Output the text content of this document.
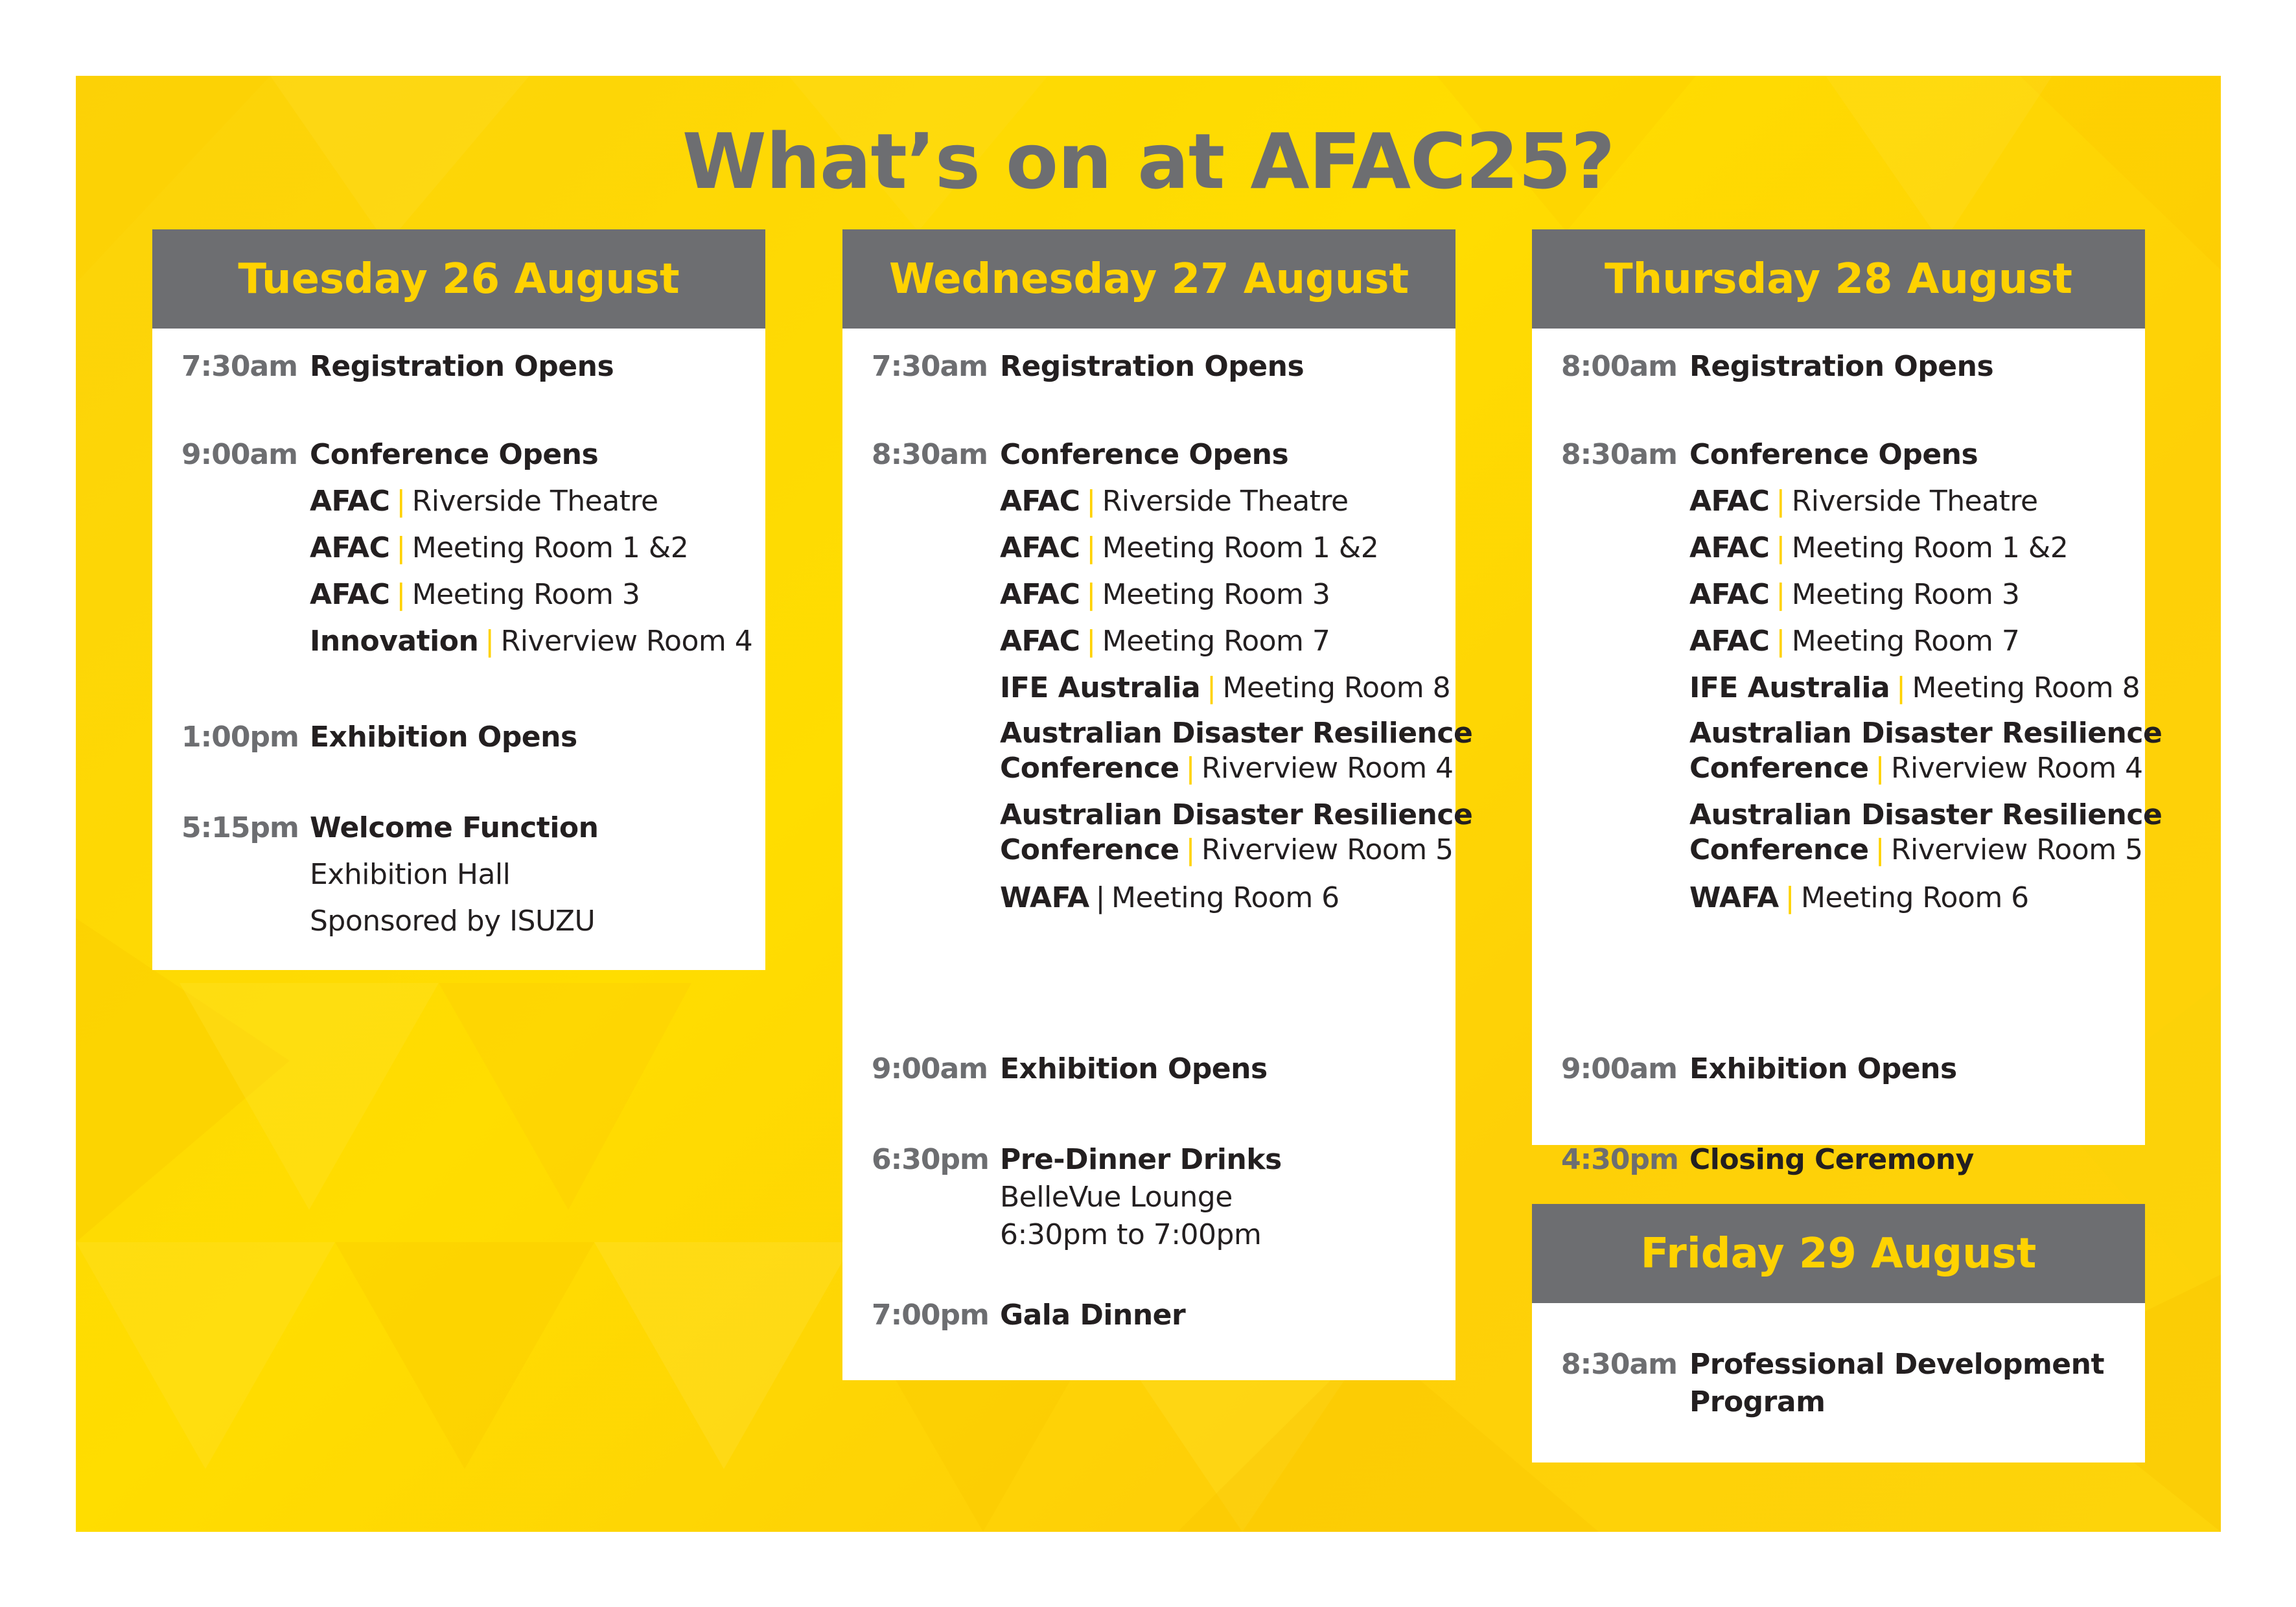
What’s on at AFAC25?
Tuesday 26 August
7:30am Registration Opens
9:00am Conference Opens
AFAC | Riverside Theatre
AFAC | Meeting Room 1 &2
AFAC | Meeting Room 3
Innovation | Riverview Room 4
1:00pm Exhibition Opens
5:15pm Welcome Function
Exhibition Hall
Sponsored by ISUZU
Wednesday 27 August
7:30am Registration Opens
8:30am Conference Opens
AFAC | Riverside Theatre
AFAC | Meeting Room 1 &2
AFAC | Meeting Room 3
AFAC | Meeting Room 7
IFE Australia | Meeting Room 8
Australian Disaster Resilience
Conference | Riverview Room 4
Australian Disaster Resilience
Conference | Riverview Room 5
WAFA | Meeting Room 6
9:00am Exhibition Opens
6:30pm Pre-Dinner Drinks
BelleVue Lounge
6:30pm to 7:00pm
7:00pm Gala Dinner
Thursday 28 August
8:00am Registration Opens
8:30am Conference Opens
AFAC | Riverside Theatre
AFAC | Meeting Room 1 &2
AFAC | Meeting Room 3
AFAC | Meeting Room 7
IFE Australia | Meeting Room 8
Australian Disaster Resilience
Conference | Riverview Room 4
Australian Disaster Resilience
Conference | Riverview Room 5
WAFA | Meeting Room 6
9:00am Exhibition Opens
4:30pm Closing Ceremony
Friday 29 August
8:30am Professional Development
Program
